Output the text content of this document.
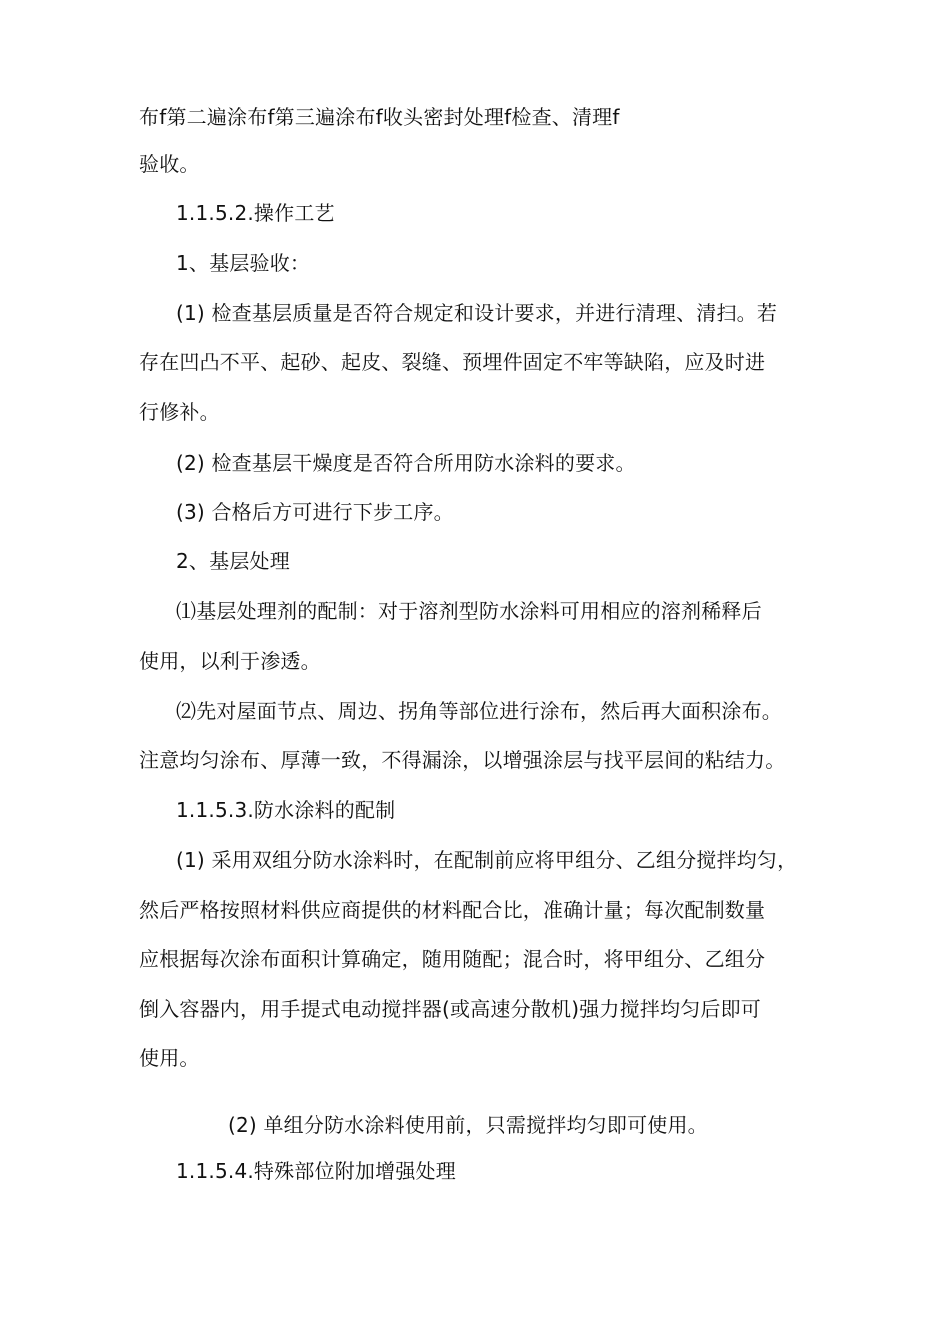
布f第二遍涂布f第三遍涂布f收头密封处理f检查、清理f
验收。
1.1.5.2.操作工艺
1、基层验收：
(1) 检查基层质量是否符合规定和设计要求，并进行清理、清扫。若
存在凹凸不平、起砂、起皮、裂缝、预埋件固定不牢等缺陷，应及时进
行修补。
(2) 检查基层干燥度是否符合所用防水涂料的要求。
(3) 合格后方可进行下步工序。
2、基层处理
⑴基层处理剂的配制：对于溶剂型防水涂料可用相应的溶剂稀释后
使用，以利于渗透。
⑵先对屋面节点、周边、拐角等部位进行涂布，然后再大面积涂布。
注意均匀涂布、厚薄一致，不得漏涂，以增强涂层与找平层间的粘结力。
1.1.5.3.防水涂料的配制
(1) 采用双组分防水涂料时，在配制前应将甲组分、乙组分搅拌均匀，
然后严格按照材料供应商提供的材料配合比，准确计量；每次配制数量
应根据每次涂布面积计算确定，随用随配；混合时，将甲组分、乙组分
倒入容器内，用手提式电动搅拌器(或高速分散机)强力搅拌均匀后即可
使用。
(2) 单组分防水涂料使用前，只需搅拌均匀即可使用。
1.1.5.4.特殊部位附加增强处理
